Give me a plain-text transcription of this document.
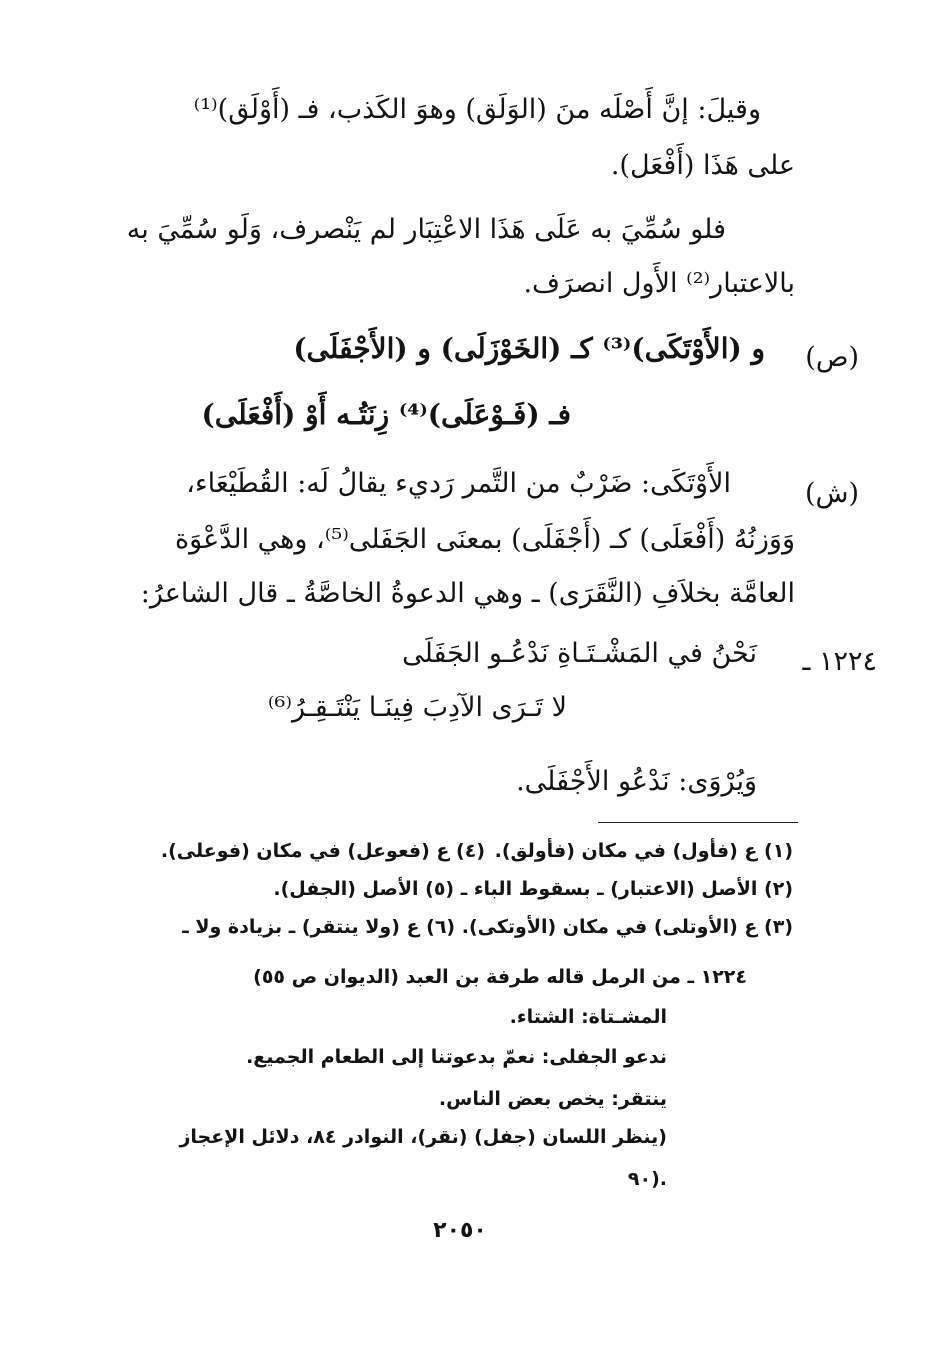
وقيلَ: إنَّ أَصْلَه منَ (الوَلَق) وهوَ الكَذب، فـ (أَوْلَق)⁽¹⁾
على هَذَا (أَفْعَل).
فلو سُمِّيَ به عَلَى هَذَا الاعْتِبَار لم يَنْصرف، وَلَو سُمِّيَ به
بالاعتبار⁽²⁾ الأَول انصرَف.
(ص)
و (الأَوْتَكَى)⁽³⁾ كـ (الخَوْزَلَى) و (الأَجْفَلَى)
فـ (فَـوْعَلَى)⁽⁴⁾ زِنَتُـه أَوْ (أَفْعَلَى)
(ش)
الأَوْتَكَى: ضَرْبٌ من التَّمر رَديء يقالُ لَه: القُطَيْعَاء،
وَوَزنُهُ (أَفْعَلَى) كـ (أَجْفَلَى) بمعنَى الجَفَلى⁽⁵⁾، وهي الدَّعْوَة
العامَّة بخلاَفِ (النَّقَرَى) ـ وهي الدعوةُ الخاصَّةُ ـ قال الشاعرُ:
١٢٢٤ ـ
نَحْنُ في المَشْـتَـاةِ نَدْعُـو الجَفَلَى
لا تَـرَى الآدِبَ فِينَـا يَنْتَـقِـرُ⁽⁶⁾
وَيُرْوَى: نَدْعُو الأَجْفَلَى.
(١) ع (فأول) في مكان (فأولق).
(٤) ع (فعوعل) في مكان (فوعلى).
(٢) الأصل (الاعتبار) ـ بسقوط الباء ـ (٥) الأصل (الجفل).
(٣) ع (الأوتلى) في مكان (الأوتكى). (٦) ع (ولا ينتقر) ـ بزيادة ولا ـ
١٢٢٤ ـ من الرمل قاله طرفة بن العبد (الديوان ص ٥٥)
المشـتاة: الشتاء.
ندعو الجفلى: نعمّ بدعوتنا إلى الطعام الجميع.
ينتقر: يخص بعض الناس.
(ينظر اللسان (جفل) (نقر)، النوادر ٨٤، دلائل الإعجاز
٩٠).
٢٠٥٠
